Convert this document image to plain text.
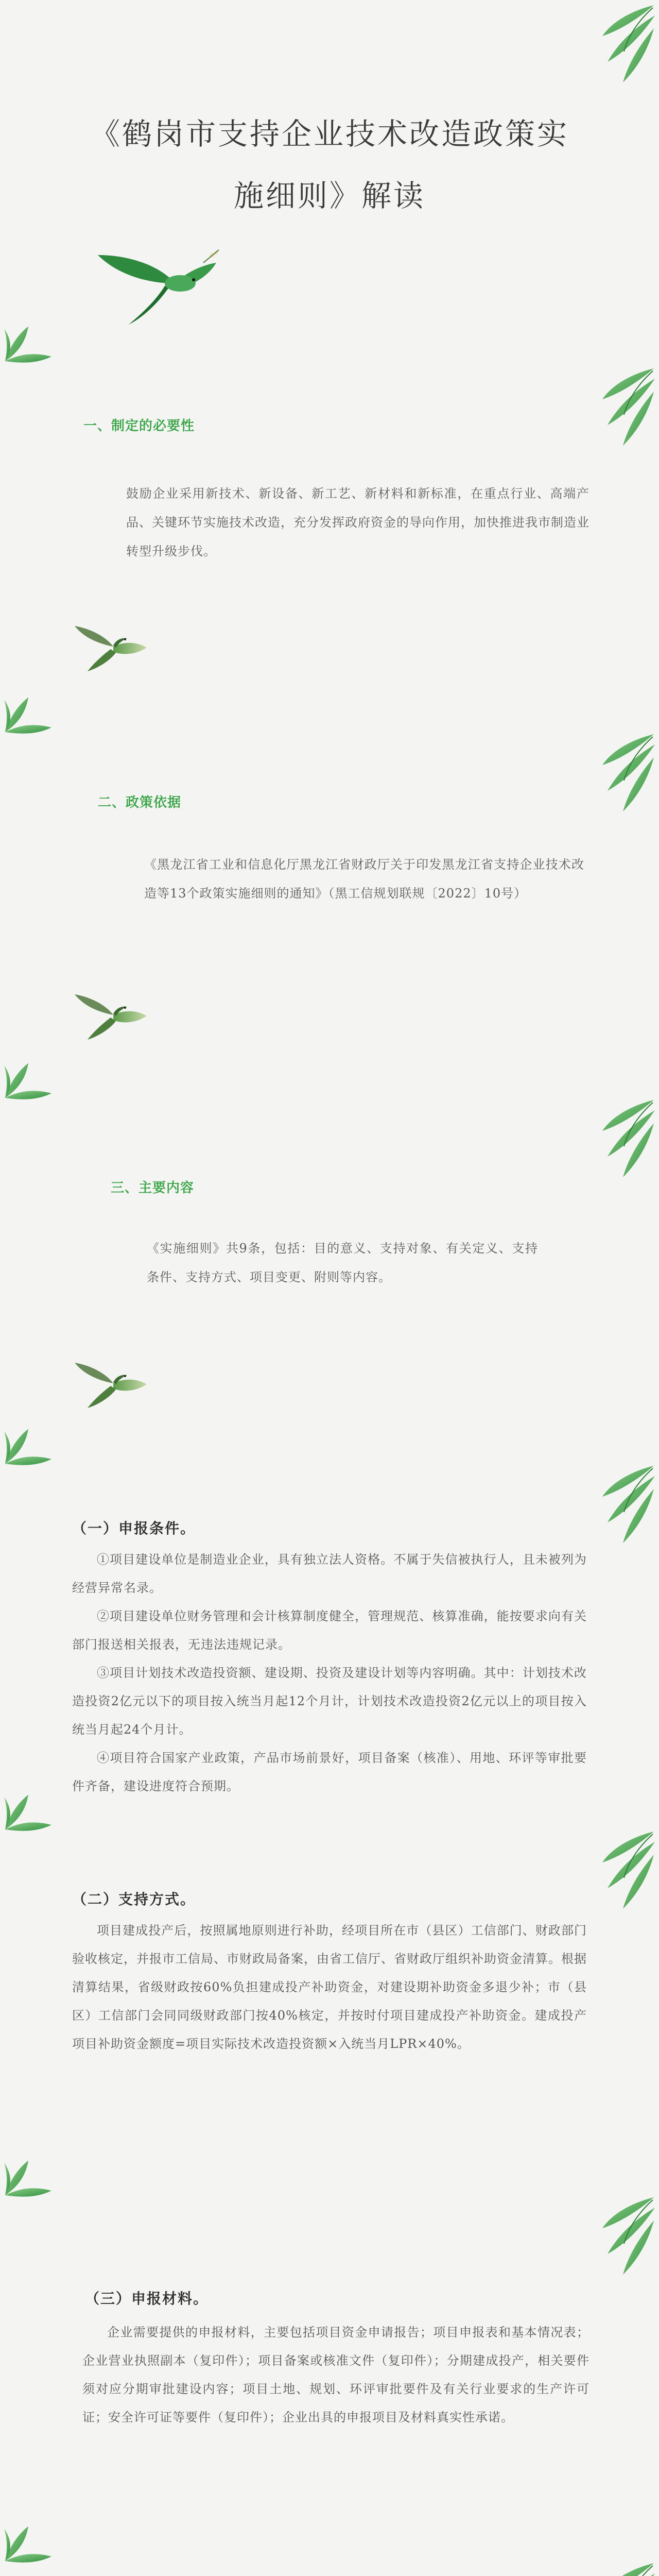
《鹤岗市支持企业技术改造政策实
施细则》解读
一、制定的必要性
鼓励企业采用新技术、新设备、新工艺、新材料和新标准，在重点行业、高端产品、关键环节实施技术改造，充分发挥政府资金的导向作用，加快推进我市制造业转型升级步伐。
二、政策依据
《黑龙江省工业和信息化厅黑龙江省财政厅关于印发黑龙江省支持企业技术改造等13个政策实施细则的通知》（黑工信规划联规〔2022〕10号）
三、主要内容
《实施细则》共9条，包括：目的意义、支持对象、有关定义、支持条件、支持方式、项目变更、附则等内容。
（一）申报条件。

①项目建设单位是制造业企业，具有独立法人资格。不属于失信被执行人，且未被列为经营异常名录。

②项目建设单位财务管理和会计核算制度健全，管理规范、核算准确，能按要求向有关部门报送相关报表，无违法违规记录。

③项目计划技术改造投资额、建设期、投资及建设计划等内容明确。其中：计划技术改造投资2亿元以下的项目按入统当月起12个月计，计划技术改造投资2亿元以上的项目按入统当月起24个月计。

④项目符合国家产业政策，产品市场前景好，项目备案（核准）、用地、环评等审批要件齐备，建设进度符合预期。

（二）支持方式。
项目建成投产后，按照属地原则进行补助，经项目所在市（县区）工信部门、财政部门验收核定，并报市工信局、市财政局备案，由省工信厅、省财政厅组织补助资金清算。根据清算结果，省级财政按60%负担建成投产补助资金，对建设期补助资金多退少补；市（县区）工信部门会同同级财政部门按40%核定，并按时付项目建成投产补助资金。建成投产项目补助资金额度=项目实际技术改造投资额×入统当月LPR×40%。
（三）申报材料。
企业需要提供的申报材料，主要包括项目资金申请报告；项目申报表和基本情况表；企业营业执照副本（复印件）；项目备案或核准文件（复印件）；分期建成投产，相关要件须对应分期审批建设内容；项目土地、规划、环评审批要件及有关行业要求的生产许可证；安全许可证等要件（复印件）；企业出具的申报项目及材料真实性承诺。
